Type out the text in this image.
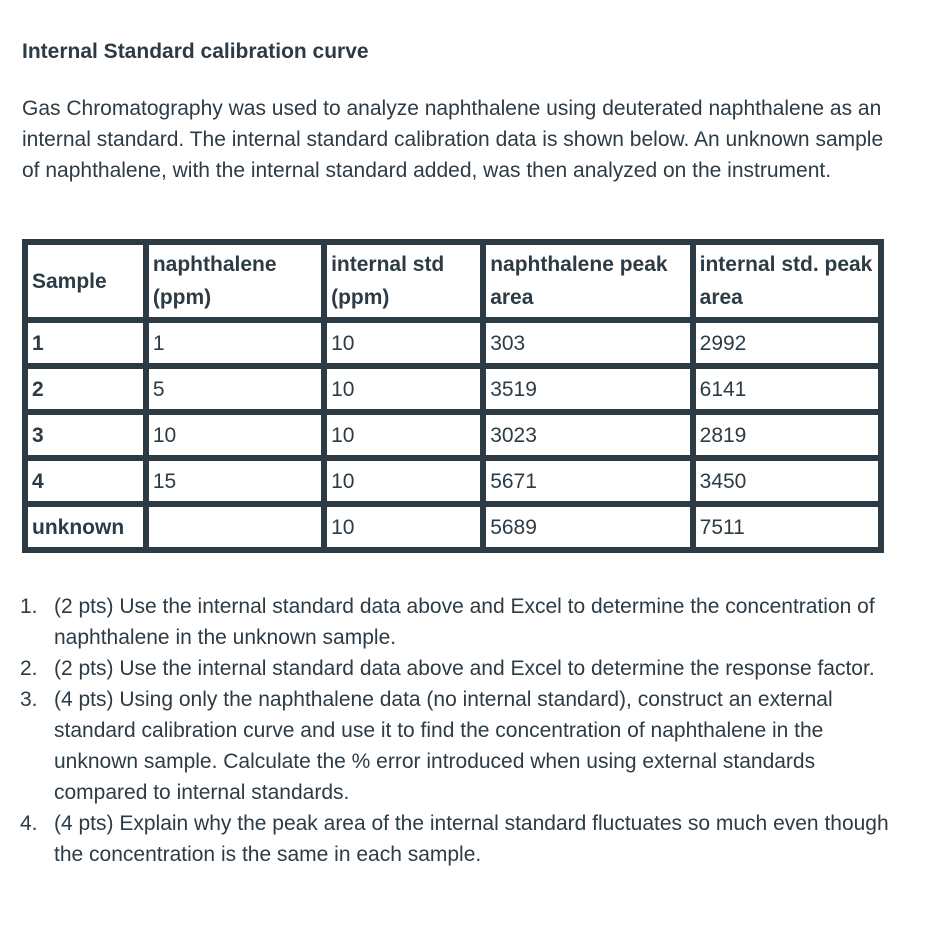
Internal Standard calibration curve

Gas Chromatography was used to analyze naphthalene using deuterated naphthalene as an internal standard. The internal standard calibration data is shown below. An unknown sample of naphthalene, with the internal standard added, was then analyzed on the instrument.

Sample	naphthalene (ppm)	internal std (ppm)	naphthalene peak area	internal std. peak area
1	1	10	303	2992
2	5	10	3519	6141
3	10	10	3023	2819
4	15	10	5671	3450
unknown		10	5689	7511
1. (2 pts) Use the internal standard data above and Excel to determine the concentration of naphthalene in the unknown sample.
2. (2 pts) Use the internal standard data above and Excel to determine the response factor.
3. (4 pts) Using only the naphthalene data (no internal standard), construct an external standard calibration curve and use it to find the concentration of naphthalene in the unknown sample. Calculate the % error introduced when using external standards compared to internal standards.
4. (4 pts) Explain why the peak area of the internal standard fluctuates so much even though the concentration is the same in each sample.
